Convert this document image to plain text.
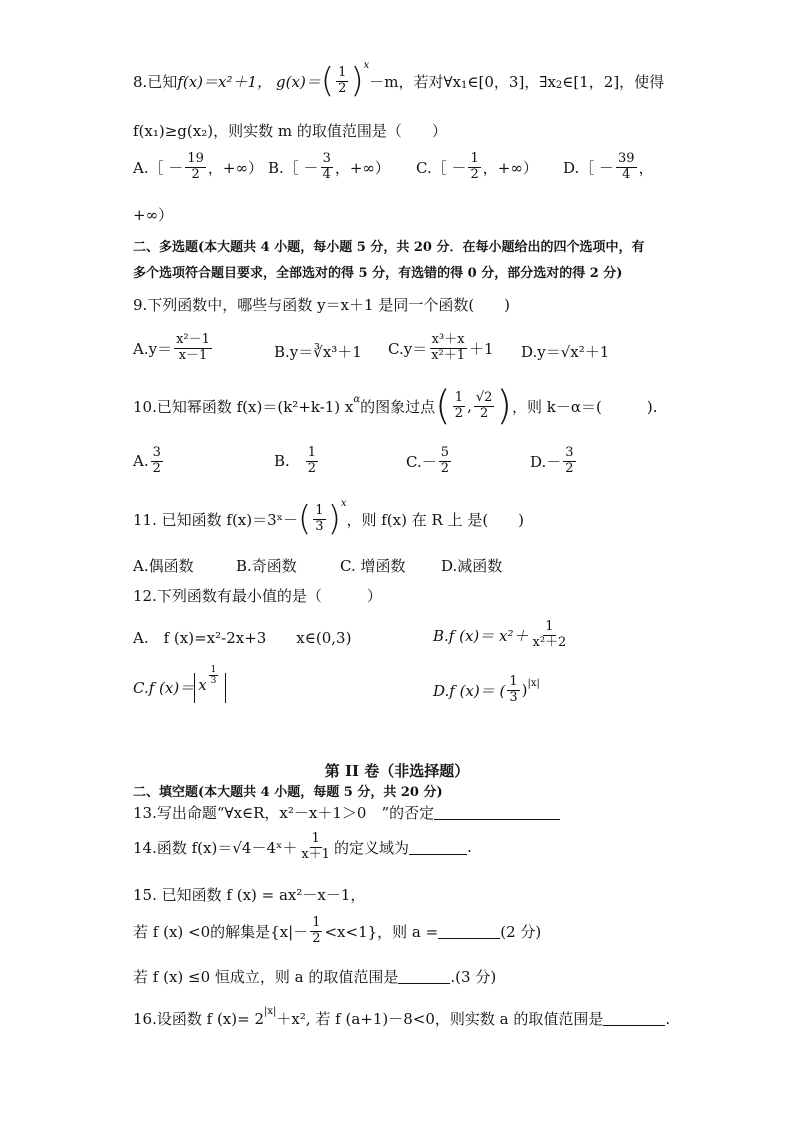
8.已知 f(x)＝x²＋1， g(x)＝ ( $\frac{1}{2}$ ) x
－m，若对∀x 1 ∈[0，3]，∃x 2 ∈[1，2]，使得
f(x₁)≥g(x₂)，则实数 m 的取值范围是（　　）
A.［ － $\frac{19}{2}$ ，+∞） B.［ － $\frac{3}{4}$ ，+∞） C.［ － $\frac{1}{2}$ ，+∞） D.［ － $\frac{39}{4}$ ，
+∞）
二、多选题(本大题共 4 小题，每小题 5 分，共 20 分．在每小题给出的四个选项中，有
多个选项符合题目要求，全部选对的得 5 分，有选错的得 0 分，部分选对的得 2 分)
9.下列函数中，哪些与函数 y＝x＋1 是同一个函数(　　)
$A.y= \frac{\text{x²－1}}{x-1}$	B.y＝∛x³＋1 $C.y= \frac{\text{x³＋x}}{\text{x²＋1}} +1$ D.y＝√x²＋1
10.已知幂函数 f(x)＝(k²+k-1) x α 的图象过点 ( $\frac{1}{2}$ , $\frac{√2}{2}$ ) ，则 k－α＝(　　　).
A. $\frac{3}{2}$	B. $\frac{1}{2}$	$C.- \frac{5}{2}$	$D.- \frac{3}{2}$
11. 已知函数 f(x)＝3ˣ－ ( $\frac{1}{3}$ ) x
，则 f(x) 在 R 上 是(　　)
A.偶函数	B.奇函数	C. 增函数 D.减函数
12.下列函数有最小值的是（　　　）
A.　f (x)=x²-2x+3　　x∈(0,3)	B.f $(x)= x^2+ \frac{1}{\text{x²＋2}}$
C.f (x)＝ x $\frac{1}{3}$
D.f (x)＝ ( $\frac{1}{3}$ ) |x|
第 II 卷（非选择题）
二、填空题(本大题共 4 小题，每题 5 分，共 20 分)
13.写出命题“∀x∈R，x²－x＋1＞0　”的否定
14.函数 f(x)＝√4－4ˣ＋ $\frac{1}{x+1}$ 的定义域为	.
15. 已知函数 f (x) = ax²－x－1，
若 f (x) <0的解集是$\{x|- \frac{1}{2} <x<1\}$，则 a =	(2 分)
若 f (x) ≤0 恒成立，则 a 的取值范围是	.(3 分)
16.设函数 f (x)= 2 |x| ＋x², 若 f (a+1)－8<0，则实数 a 的取值范围是	.
